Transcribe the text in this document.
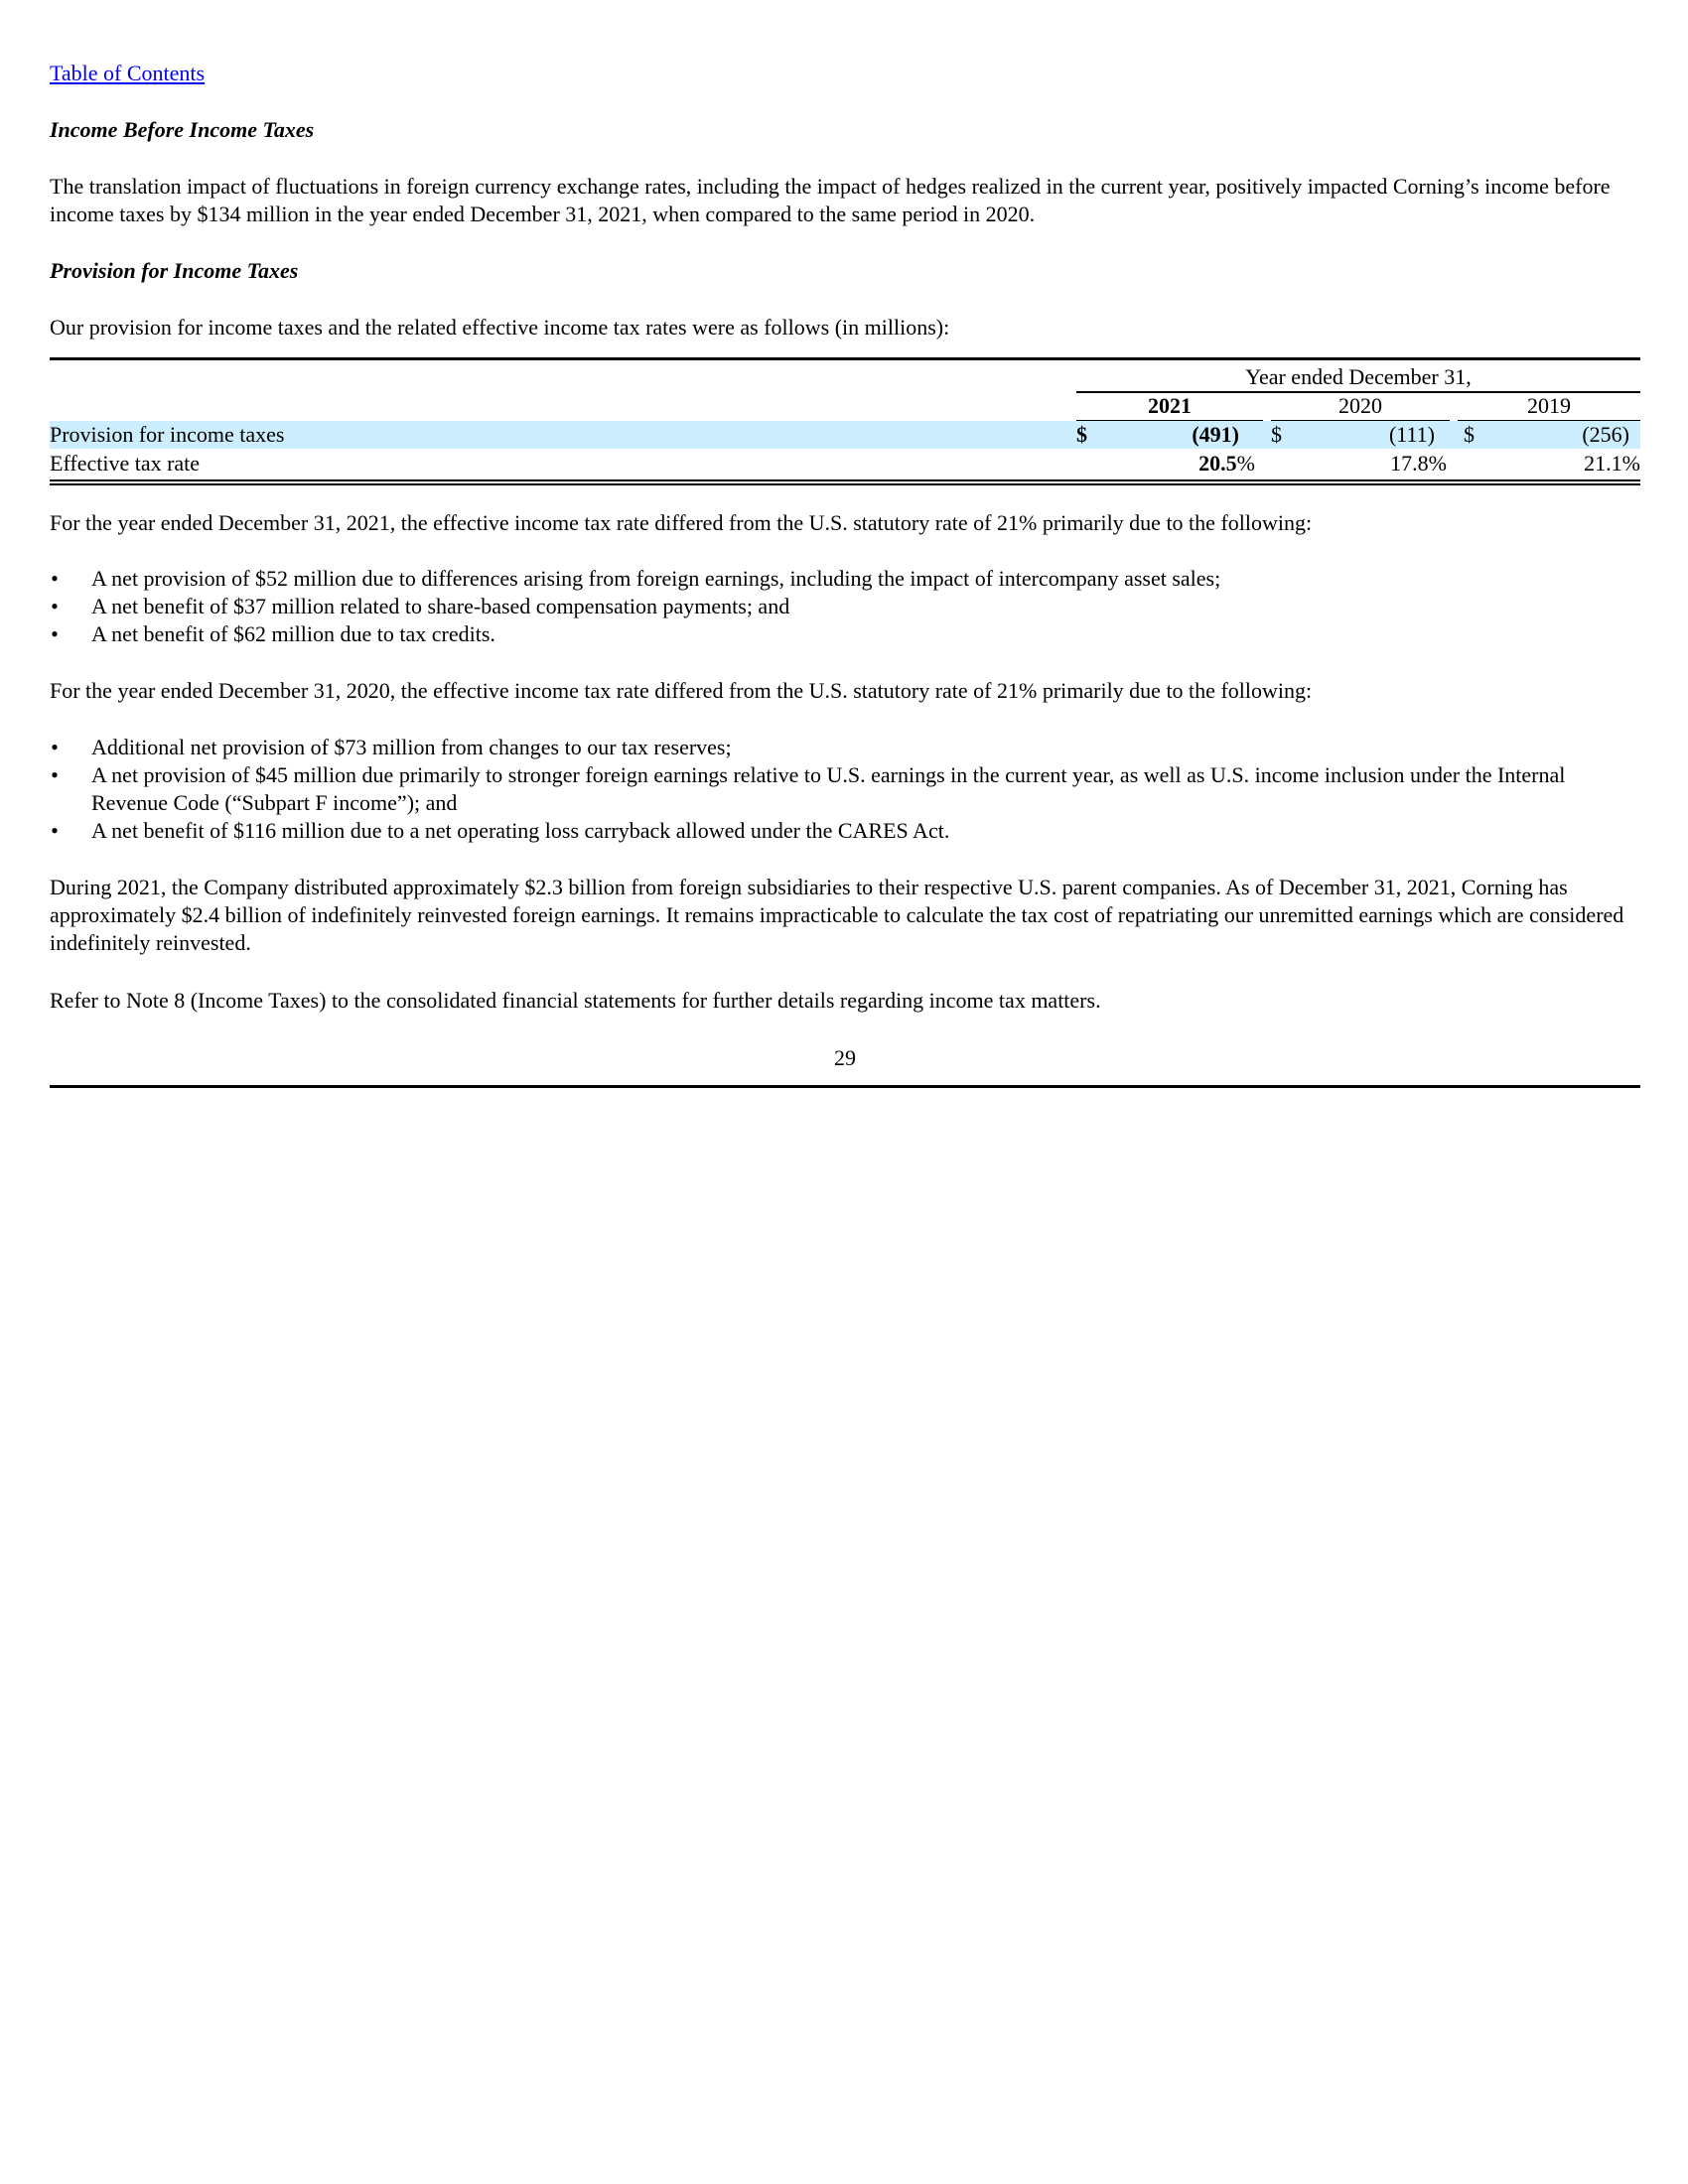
Table of Contents
Income Before Income Taxes
The translation impact of fluctuations in foreign currency exchange rates, including the impact of hedges realized in the current year, positively impacted Corning’s income before income taxes by $134 million in the year ended December 31, 2021, when compared to the same period in 2020.
Provision for Income Taxes
Our provision for income taxes and the related effective income tax rates were as follows (in millions):
Year ended December 31,
2021	2020	2019
Provision for income taxes	$	(491) $	(111) $	(256)
Effective tax rate	20.5%	17.8%	21.1%
For the year ended December 31, 2021, the effective income tax rate differed from the U.S. statutory rate of 21% primarily due to the following:
• A net provision of $52 million due to differences arising from foreign earnings, including the impact of intercompany asset sales;
• A net benefit of $37 million related to share-based compensation payments; and
• A net benefit of $62 million due to tax credits.
For the year ended December 31, 2020, the effective income tax rate differed from the U.S. statutory rate of 21% primarily due to the following:
• Additional net provision of $73 million from changes to our tax reserves;
• A net provision of $45 million due primarily to stronger foreign earnings relative to U.S. earnings in the current year, as well as U.S. income inclusion under the Internal Revenue Code (“Subpart F income”); and
• A net benefit of $116 million due to a net operating loss carryback allowed under the CARES Act.
During 2021, the Company distributed approximately $2.3 billion from foreign subsidiaries to their respective U.S. parent companies. As of December 31, 2021, Corning has approximately $2.4 billion of indefinitely reinvested foreign earnings. It remains impracticable to calculate the tax cost of repatriating our unremitted earnings which are considered indefinitely reinvested.
Refer to Note 8 (Income Taxes) to the consolidated financial statements for further details regarding income tax matters.
29
